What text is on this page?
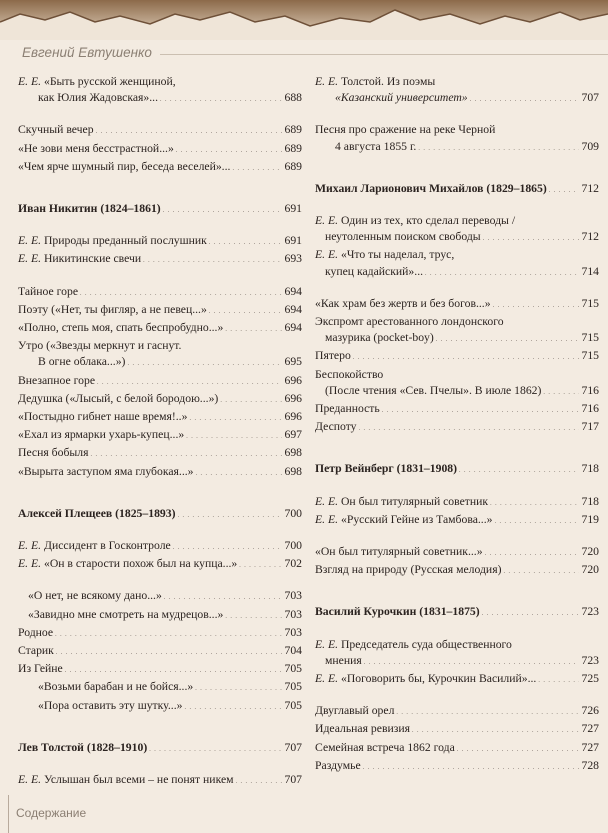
Евгений Евтушенко
Е. Е. «Быть русской женщиной,
как Юлия Жадовская»... . . .	688
Скучный вечер . . .	689
«Не зови меня бесстрастной...» . . .	689
«Чем ярче шумный пир, беседа веселей»... . . .	689
Иван Никитин (1824–1861) . . .	691
Е. Е. Природы преданный послушник . . .	691
Е. Е. Никитинские свечи . . .	693
Тайное горе . . .	694
Поэту («Нет, ты фигляр, а не певец...» . . .	694
«Полно, степь моя, спать беспробудно...» . . .	694
Утро («Звезды меркнут и гаснут.
В огне облака...») . . .	695
Внезапное горе . . .	696
Дедушка («Лысый, с белой бородою...») . . .	696
«Постыдно гибнет наше время!..» . . .	696
«Ехал из ярмарки ухарь-купец...» . . .	697
Песня бобыля . . .	698
«Вырыта заступом яма глубокая...» . . .	698
Алексей Плещеев (1825–1893) . . .	700
Е. Е. Диссидент в Госконтроле . . .	700
Е. Е. «Он в старости похож был на купца...» . . .	702
«О нет, не всякому дано...» . . .	703
«Завидно мне смотреть на мудрецов...» . . .	703
Родное . . .	703
Старик . . .	704
Из Гейне . . .	705
«Возьми барабан и не бойся...» . . .	705
«Пора оставить эту шутку...» . . .	705
Лев Толстой (1828–1910) . . .	707
Е. Е. Услышан был всеми – не понят никем . . .	707
Е. Е. Толстой. Из поэмы
«Казанский университет» . . .	707
Песня про сражение на реке Черной
4 августа 1855 г. . . .	709
Михаил Ларионович Михайлов (1829–1865) . . .	712
Е. Е. Один из тех, кто сделал переводы /
неутоленным поиском свободы . . .	712
Е. Е. «Что ты наделал, трус,
купец кадайский»... . . .	714
«Как храм без жертв и без богов...» . . .	715
Экспромт арестованного лондонского
мазурика (pocket-boy) . . .	715
Пятеро . . .	715
Беспокойство
(После чтения «Сев. Пчелы». В июле 1862) . . .	716
Преданность . . .	716
Деспоту . . .	717
Петр Вейнберг (1831–1908) . . .	718
Е. Е. Он был титулярный советник . . .	718
Е. Е. «Русский Гейне из Тамбова...» . . .	719
«Он был титулярный советник...» . . .	720
Взгляд на природу (Русская мелодия) . . .	720
Василий Курочкин (1831–1875) . . .	723
Е. Е. Председатель суда общественного
мнения . . .	723
Е. Е. «Поговорить бы, Курочкин Василий»... . . .	725
Двуглавый орел . . .	726
Идеальная ревизия . . .	727
Семейная встреча 1862 года . . .	727
Раздумье . . .	728
Содержание
